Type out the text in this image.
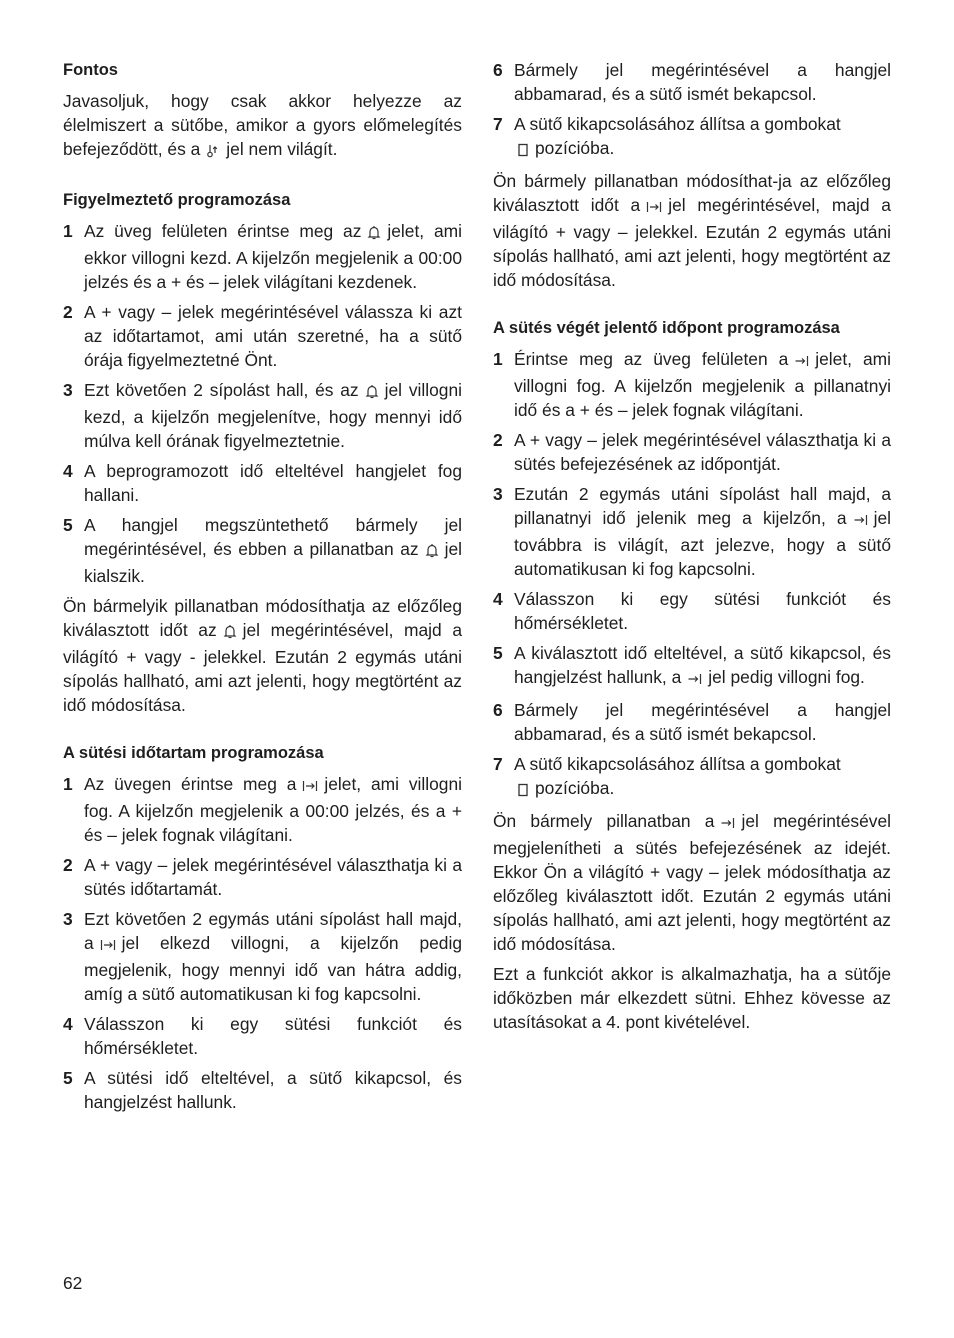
Fontos

Javasoljuk, hogy csak akkor helyezze az élelmiszert a sütőbe, amikor a gyors előmelegítés befejeződött, és a jel nem világít.

Figyelmeztető programozása
1 Az üveg felületen érintse meg az jelet, ami ekkor villogni kezd. A kijelzőn megjelenik a 00:00 jelzés és a + és – jelek világítani kezdenek.
2 A + vagy – jelek megérintésével válassza ki azt az időtartamot, ami után szeretné, ha a sütő órája figyelmeztetné Önt.
3 Ezt követően 2 sípolást hall, és az jel villogni kezd, a kijelzőn megjelenítve, hogy mennyi idő múlva kell órának figyelmeztetnie.
4 A beprogramozott idő elteltével hangjelet fog hallani.
5 A hangjel megszüntethető bármely jel megérintésével, és ebben a pillanatban az jel kialszik.

Ön bármelyik pillanatban módosíthatja az előzőleg kiválasztott időt az jel megérintésével, majd a világító + vagy - jelekkel. Ezután 2 egymás utáni sípolás hallható, ami azt jelenti, hogy megtörtént az idő módosítása.

A sütési időtartam programozása
1 Az üvegen érintse meg a jelet, ami villogni fog. A kijelzőn megjelenik a 00:00 jelzés, és a + és – jelek fognak világítani.
2 A + vagy – jelek megérintésével választhatja ki a sütés időtartamát.
3 Ezt követően 2 egymás utáni sípolást hall majd, a jel elkezd villogni, a kijelzőn pedig megjelenik, hogy mennyi idő van hátra addig, amíg a sütő automatikusan ki fog kapcsolni.
4 Válasszon ki egy sütési funkciót és hőmérsékletet.
5 A sütési idő elteltével, a sütő kikapcsol, és hangjelzést hallunk.
6 Bármely jel megérintésével a hangjel abbamarad, és a sütő ismét bekapcsol.
7 A sütő kikapcsolásához állítsa a gombokat
pozícióba.

Ön bármely pillanatban módosíthat-ja az előzőleg kiválasztott időt a jel megérintésével, majd a világító + vagy – jelekkel. Ezután 2 egymás utáni sípolás hallható, ami azt jelenti, hogy megtörtént az idő módosítása.

A sütés végét jelentő időpont programozása
1 Érintse meg az üveg felületen a jelet, ami villogni fog. A kijelzőn megjelenik a pillanatnyi idő és a + és – jelek fognak világítani.
2 A + vagy – jelek megérintésével választhatja ki a sütés befejezésének az időpontját.
3 Ezután 2 egymás utáni sípolást hall majd, a pillanatnyi idő jelenik meg a kijelzőn, a jel továbbra is világít, azt jelezve, hogy a sütő automatikusan ki fog kapcsolni.
4 Válasszon ki egy sütési funkciót és hőmérsékletet.
5 A kiválasztott idő elteltével, a sütő kikapcsol, és hangjelzést hallunk, a jel pedig villogni fog.
6 Bármely jel megérintésével a hangjel abbamarad, és a sütő ismét bekapcsol.
7 A sütő kikapcsolásához állítsa a gombokat
pozícióba.

Ön bármely pillanatban a jel megérintésével megjelenítheti a sütés befejezésének az idejét. Ekkor Ön a világító + vagy – jelek módosíthatja az előzőleg kiválasztott időt. Ezután 2 egymás utáni sípolás hallható, ami azt jelenti, hogy megtörtént az idő módosítása.

Ezt a funkciót akkor is alkalmazhatja, ha a sütője időközben már elkezdett sütni. Ehhez kövesse az utasításokat a 4. pont kivételével.

62
